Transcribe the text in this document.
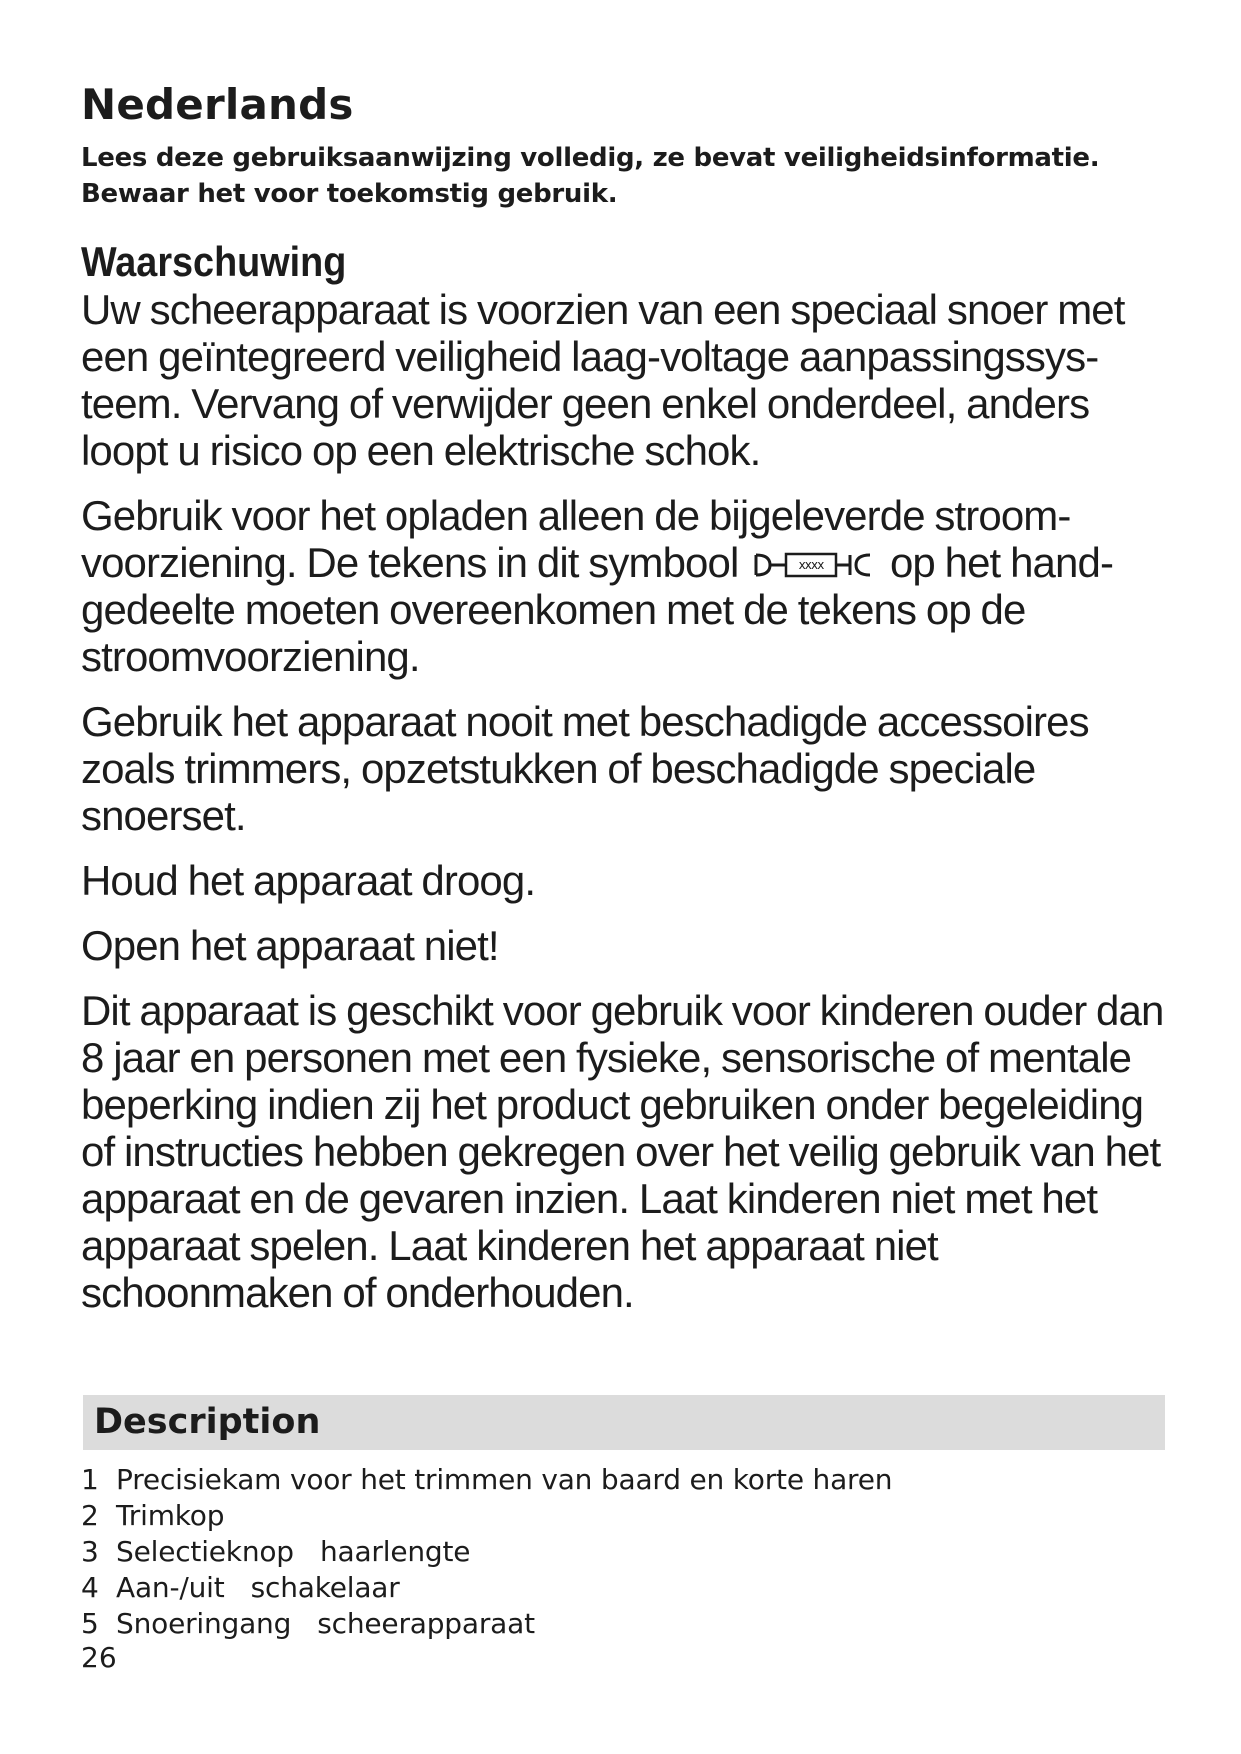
Nederlands
Lees deze gebruiksaanwijzing volledig, ze bevat veiligheidsinformatie.
Bewaar het voor toekomstig gebruik.
Waarschuwing

Uw scheerapparaat is voorzien van een speciaal snoer met een geïntegreerd veiligheid laag-voltage aanpassingssysteem. Vervang of verwijder geen enkel onderdeel, anders loopt u risico op een elektrische schok.

Gebruik voor het opladen alleen de bijgeleverde stroomvoorziening. De tekens in dit symbool	xxxx op het handgedeelte moeten overeenkomen met de tekens op de stroomvoorziening.

Gebruik het apparaat nooit met beschadigde accessoires zoals trimmers, opzetstukken of beschadigde speciale snoerset.

Houd het apparaat droog.

Open het apparaat niet!

Dit apparaat is geschikt voor gebruik voor kinderen ouder dan 8 jaar en personen met een fysieke, sensorische of mentale beperking indien zij het product gebruiken onder begeleiding of instructies hebben gekregen over het veilig gebruik van het apparaat en de gevaren inzien. Laat kinderen niet met het apparaat spelen. Laat kinderen het apparaat niet schoonmaken of onderhouden.

Description
1  Precisiekam voor het trimmen van baard en korte haren
2  Trimkop
3  Selectieknop   haarlengte
4  Aan-/uit   schakelaar
5  Snoeringang   scheerapparaat
26
